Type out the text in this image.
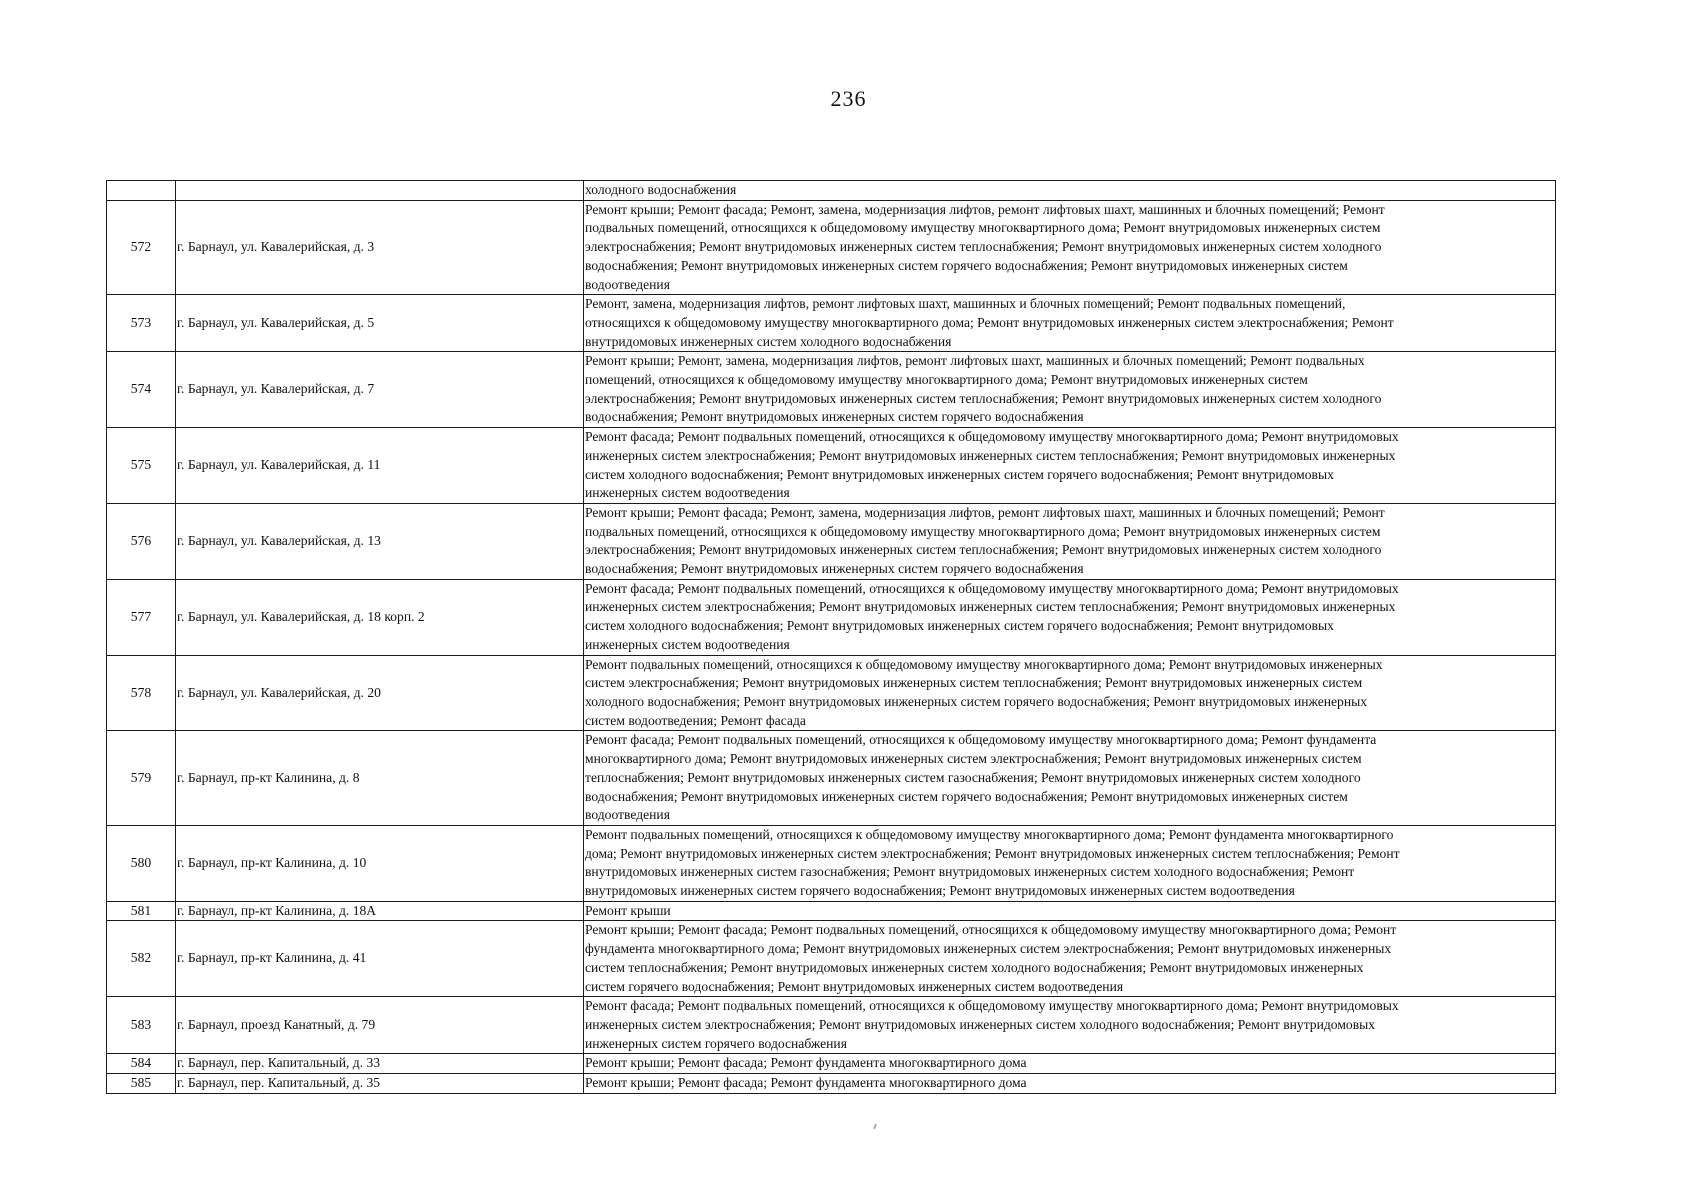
236
		холодного водоснабжения
572	г. Барнаул, ул. Кавалерийская, д. 3	Ремонт крыши; Ремонт фасада; Ремонт, замена, модернизация лифтов, ремонт лифтовых шахт, машинных и блочных помещений; Ремонт
подвальных помещений, относящихся к общедомовому имуществу многоквартирного дома; Ремонт внутридомовых инженерных систем
электроснабжения; Ремонт внутридомовых инженерных систем теплоснабжения; Ремонт внутридомовых инженерных систем холодного
водоснабжения; Ремонт внутридомовых инженерных систем горячего водоснабжения; Ремонт внутридомовых инженерных систем
водоотведения
573	г. Барнаул, ул. Кавалерийская, д. 5	Ремонт, замена, модернизация лифтов, ремонт лифтовых шахт, машинных и блочных помещений; Ремонт подвальных помещений,
относящихся к общедомовому имуществу многоквартирного дома; Ремонт внутридомовых инженерных систем электроснабжения; Ремонт
внутридомовых инженерных систем холодного водоснабжения
574	г. Барнаул, ул. Кавалерийская, д. 7	Ремонт крыши; Ремонт, замена, модернизация лифтов, ремонт лифтовых шахт, машинных и блочных помещений; Ремонт подвальных
помещений, относящихся к общедомовому имуществу многоквартирного дома; Ремонт внутридомовых инженерных систем
электроснабжения; Ремонт внутридомовых инженерных систем теплоснабжения; Ремонт внутридомовых инженерных систем холодного
водоснабжения; Ремонт внутридомовых инженерных систем горячего водоснабжения
575	г. Барнаул, ул. Кавалерийская, д. 11	Ремонт фасада; Ремонт подвальных помещений, относящихся к общедомовому имуществу многоквартирного дома; Ремонт внутридомовых
инженерных систем электроснабжения; Ремонт внутридомовых инженерных систем теплоснабжения; Ремонт внутридомовых инженерных
систем холодного водоснабжения; Ремонт внутридомовых инженерных систем горячего водоснабжения; Ремонт внутридомовых
инженерных систем водоотведения
576	г. Барнаул, ул. Кавалерийская, д. 13	Ремонт крыши; Ремонт фасада; Ремонт, замена, модернизация лифтов, ремонт лифтовых шахт, машинных и блочных помещений; Ремонт
подвальных помещений, относящихся к общедомовому имуществу многоквартирного дома; Ремонт внутридомовых инженерных систем
электроснабжения; Ремонт внутридомовых инженерных систем теплоснабжения; Ремонт внутридомовых инженерных систем холодного
водоснабжения; Ремонт внутридомовых инженерных систем горячего водоснабжения
577	г. Барнаул, ул. Кавалерийская, д. 18 корп. 2	Ремонт фасада; Ремонт подвальных помещений, относящихся к общедомовому имуществу многоквартирного дома; Ремонт внутридомовых
инженерных систем электроснабжения; Ремонт внутридомовых инженерных систем теплоснабжения; Ремонт внутридомовых инженерных
систем холодного водоснабжения; Ремонт внутридомовых инженерных систем горячего водоснабжения; Ремонт внутридомовых
инженерных систем водоотведения
578	г. Барнаул, ул. Кавалерийская, д. 20	Ремонт подвальных помещений, относящихся к общедомовому имуществу многоквартирного дома; Ремонт внутридомовых инженерных
систем электроснабжения; Ремонт внутридомовых инженерных систем теплоснабжения; Ремонт внутридомовых инженерных систем
холодного водоснабжения; Ремонт внутридомовых инженерных систем горячего водоснабжения; Ремонт внутридомовых инженерных
систем водоотведения; Ремонт фасада
579	г. Барнаул, пр-кт Калинина, д. 8	Ремонт фасада; Ремонт подвальных помещений, относящихся к общедомовому имуществу многоквартирного дома; Ремонт фундамента
многоквартирного дома; Ремонт внутридомовых инженерных систем электроснабжения; Ремонт внутридомовых инженерных систем
теплоснабжения; Ремонт внутридомовых инженерных систем газоснабжения; Ремонт внутридомовых инженерных систем холодного
водоснабжения; Ремонт внутридомовых инженерных систем горячего водоснабжения; Ремонт внутридомовых инженерных систем
водоотведения
580	г. Барнаул, пр-кт Калинина, д. 10	Ремонт подвальных помещений, относящихся к общедомовому имуществу многоквартирного дома; Ремонт фундамента многоквартирного
дома; Ремонт внутридомовых инженерных систем электроснабжения; Ремонт внутридомовых инженерных систем теплоснабжения; Ремонт
внутридомовых инженерных систем газоснабжения; Ремонт внутридомовых инженерных систем холодного водоснабжения; Ремонт
внутридомовых инженерных систем горячего водоснабжения; Ремонт внутридомовых инженерных систем водоотведения
581	г. Барнаул, пр-кт Калинина, д. 18А	Ремонт крыши
582	г. Барнаул, пр-кт Калинина, д. 41	Ремонт крыши; Ремонт фасада; Ремонт подвальных помещений, относящихся к общедомовому имуществу многоквартирного дома; Ремонт
фундамента многоквартирного дома; Ремонт внутридомовых инженерных систем электроснабжения; Ремонт внутридомовых инженерных
систем теплоснабжения; Ремонт внутридомовых инженерных систем холодного водоснабжения; Ремонт внутридомовых инженерных
систем горячего водоснабжения; Ремонт внутридомовых инженерных систем водоотведения
583	г. Барнаул, проезд Канатный, д. 79	Ремонт фасада; Ремонт подвальных помещений, относящихся к общедомовому имуществу многоквартирного дома; Ремонт внутридомовых
инженерных систем электроснабжения; Ремонт внутридомовых инженерных систем холодного водоснабжения; Ремонт внутридомовых
инженерных систем горячего водоснабжения
584	г. Барнаул, пер. Капитальный, д. 33	Ремонт крыши; Ремонт фасада; Ремонт фундамента многоквартирного дома
585	г. Барнаул, пер. Капитальный, д. 35	Ремонт крыши; Ремонт фасада; Ремонт фундамента многоквартирного дома
